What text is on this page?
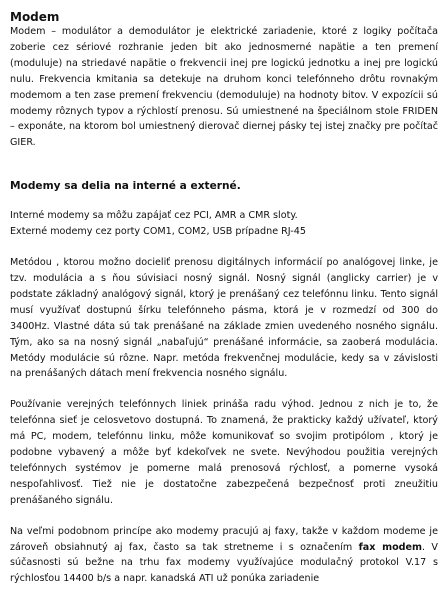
Modem

Modem – modulátor a demodulátor je elektrické zariadenie, ktoré z logiky počítača zoberie cez sériové rozhranie jeden bit ako jednosmerné napätie a ten premení (moduluje) na striedavé napätie o frekvencii inej pre logickú jednotku a inej pre logickú nulu. Frekvencia kmitania sa detekuje na druhom konci telefónneho drôtu rovnakým modemom a ten zase premení frekvenciu (demoduluje) na hodnoty bitov. V expozícii sú modemy rôznych typov a rýchlostí prenosu. Sú umiestnené na špeciálnom stole FRIDEN – exponáte, na ktorom bol umiestnený dierovač diernej pásky tej istej značky pre počítač GIER.

Modemy sa delia na interné a externé.

Interné modemy sa môžu zapájať cez PCI, AMR a CMR sloty.

Externé modemy cez porty COM1, COM2, USB prípadne RJ-45

Metódou , ktorou možno docieliť prenosu digitálnych informácií po analógovej linke, je tzv. modulácia a s ňou súvisiaci nosný signál. Nosný signál (anglicky carrier) je v podstate základný analógový signál, ktorý je prenášaný cez telefónnu linku. Tento signál musí využívať dostupnú šírku telefónneho pásma, ktorá je v rozmedzí od 300 do 3400Hz. Vlastné dáta sú tak prenášané na základe zmien uvedeného nosného signálu. Tým, ako sa na nosný signál „nabaľujú“ prenášané informácie, sa zaoberá modulácia. Metódy modulácie sú rôzne. Napr. metóda frekvenčnej modulácie, kedy sa v závislosti na prenášaných dátach mení frekvencia nosného signálu.

Používanie verejných telefónnych liniek prináša radu výhod. Jednou z nich je to, že telefónna sieť je celosvetovo dostupná. To znamená, že prakticky každý užívateľ, ktorý má PC, modem, telefónnu linku, môže komunikovať so svojim protipólom , ktorý je podobne vybavený a môže byť kdekoľvek ne svete. Nevýhodou použitia verejných telefónnych systémov je pomerne malá prenosová rýchlosť, a pomerne vysoká nespoľahlivosť. Tiež nie je dostatočne zabezpečená bezpečnosť proti zneužitiu prenášaného signálu.

Na veľmi podobnom princípe ako modemy pracujú aj faxy, takže v každom modeme je zároveň obsiahnutý aj fax, často sa tak stretneme i s označením fax modem. V súčasnosti sú bežne na trhu fax modemy využívajúce modulačný protokol V.17 s rýchlosťou 14400 b/s a napr. kanadská ATI už ponúka zariadenie
